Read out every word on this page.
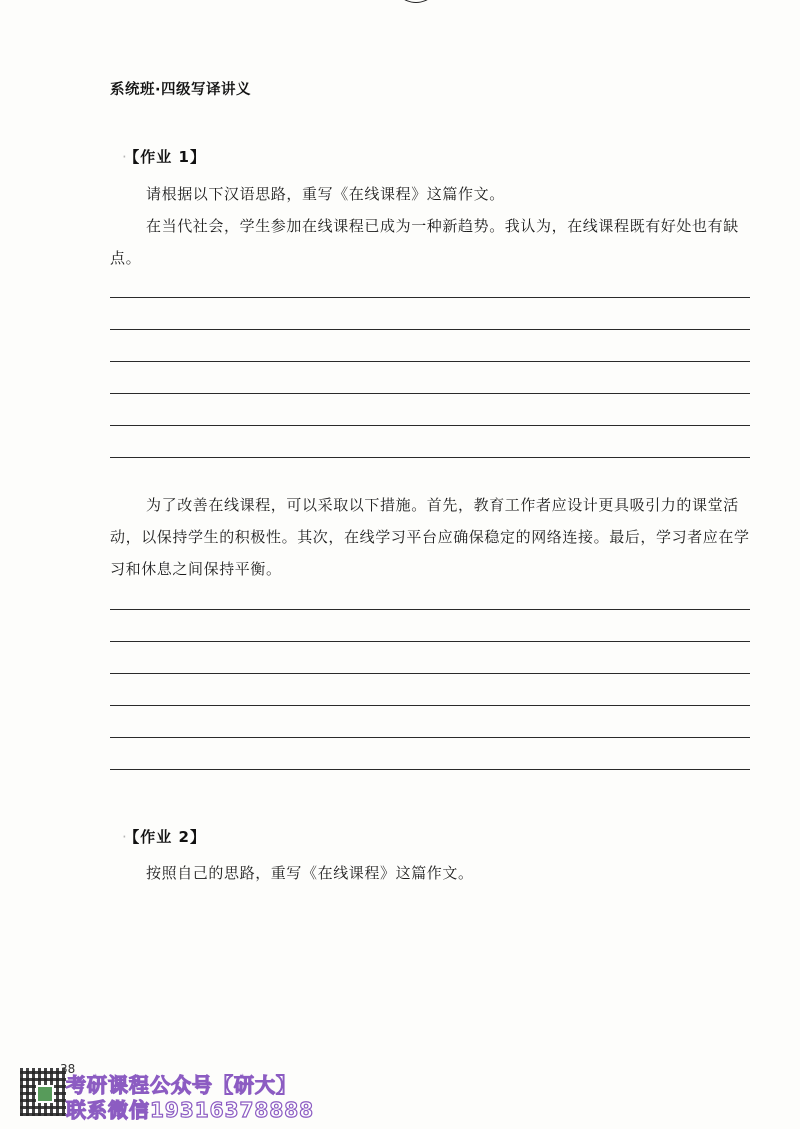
系统班·四级写译讲义
· 【作业 1】

请根据以下汉语思路，重写《在线课程》这篇作文。

在当代社会，学生参加在线课程已成为一种新趋势。我认为，在线课程既有好处也有缺点。

为了改善在线课程，可以采取以下措施。首先，教育工作者应设计更具吸引力的课堂活动，以保持学生的积极性。其次，在线学习平台应确保稳定的网络连接。最后，学习者应在学习和休息之间保持平衡。

· 【作业 2】

按照自己的思路，重写《在线课程》这篇作文。

38
考研课程公众号【研大】
联系微信19316378888
